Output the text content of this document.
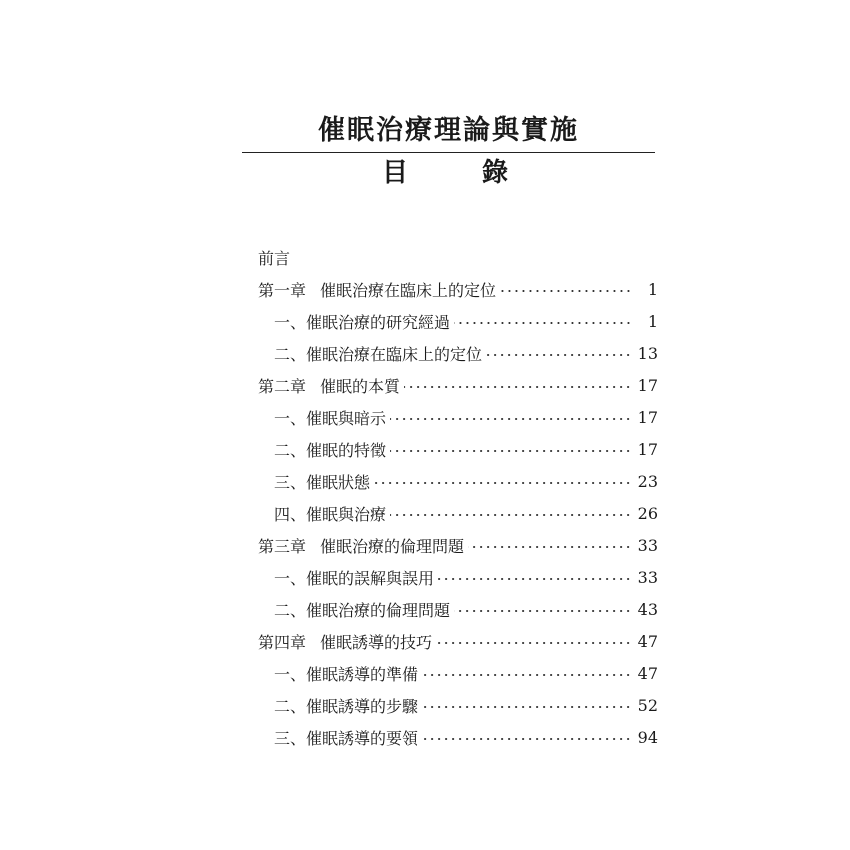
催眠治療理論與實施
目	錄
前言
第一章 催眠治療在臨床上的定位	1
一、催眠治療的研究經過	1
二、催眠治療在臨床上的定位	13
第二章 催眠的本質	17
一、催眠與暗示	17
二、催眠的特徵	17
三、催眠狀態	23
四、催眠與治療	26
第三章 催眠治療的倫理問題	33
一、催眠的誤解與誤用	33
二、催眠治療的倫理問題	43
第四章 催眠誘導的技巧	47
一、催眠誘導的準備	47
二、催眠誘導的步驟	52
三、催眠誘導的要領	94
